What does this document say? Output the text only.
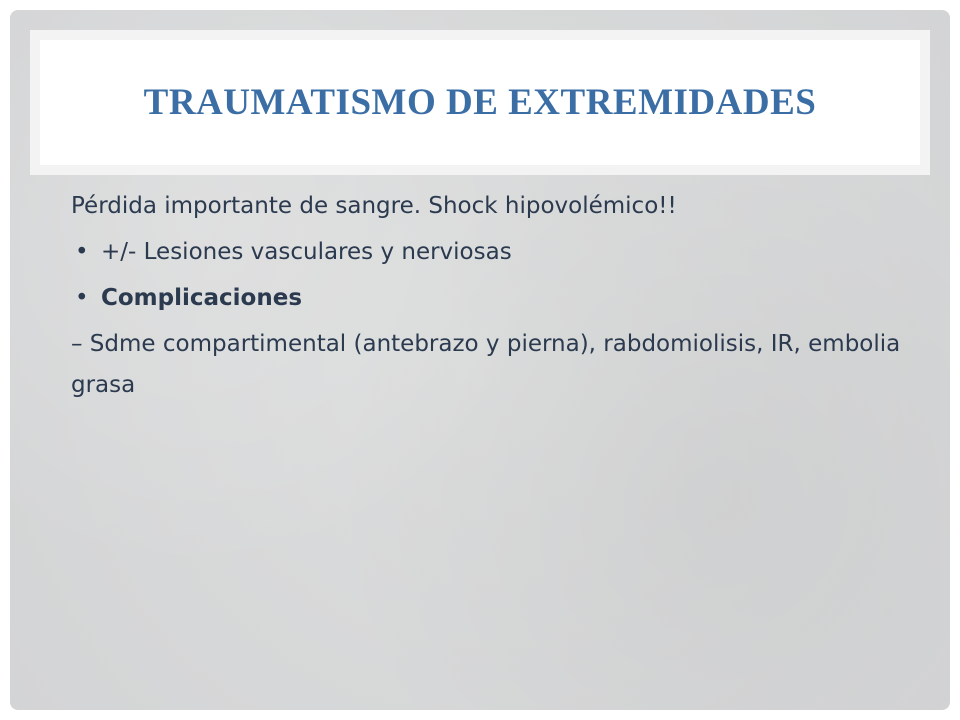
TRAUMATISMO DE EXTREMIDADES

Pérdida importante de sangre. Shock hipovolémico!!

• +/- Lesiones vasculares y nerviosas

• Complicaciones

– Sdme compartimental (antebrazo y pierna), rabdomiolisis, IR, embolia

grasa
